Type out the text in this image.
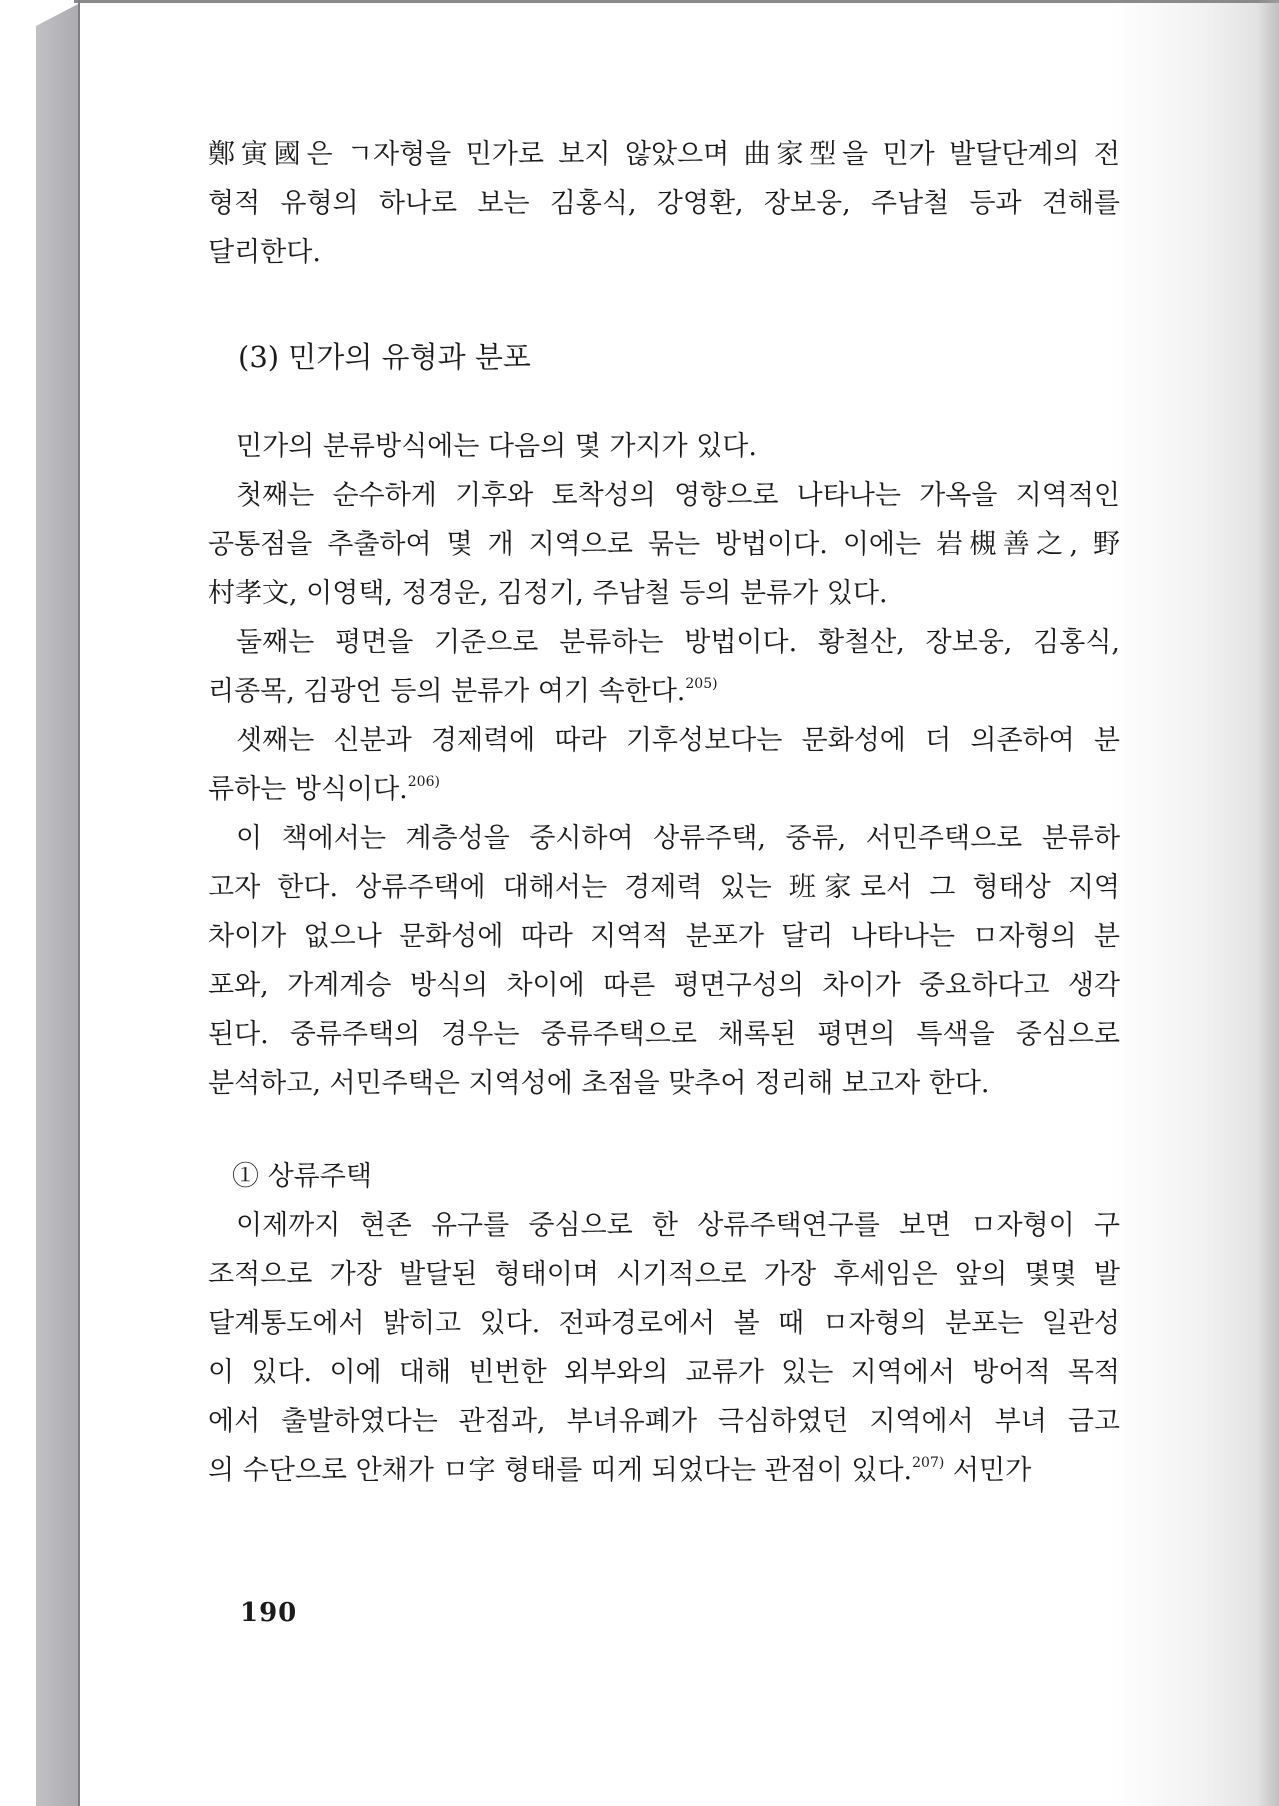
鄭寅國은 ㄱ자형을 민가로 보지 않았으며 曲家型을 민가 발달단계의 전
형적 유형의 하나로 보는 김홍식, 강영환, 장보웅, 주남철 등과 견해를
달리한다.
(3) 민가의 유형과 분포
민가의 분류방식에는 다음의 몇 가지가 있다.
첫째는 순수하게 기후와 토착성의 영향으로 나타나는 가옥을 지역적인
공통점을 추출하여 몇 개 지역으로 묶는 방법이다. 이에는 岩槻善之, 野
村孝文, 이영택, 정경운, 김정기, 주남철 등의 분류가 있다.
둘째는 평면을 기준으로 분류하는 방법이다. 황철산, 장보웅, 김홍식,
리종목, 김광언 등의 분류가 여기 속한다.$^{205)}$
셋째는 신분과 경제력에 따라 기후성보다는 문화성에 더 의존하여 분
류하는 방식이다.$^{206)}$
이 책에서는 계층성을 중시하여 상류주택, 중류, 서민주택으로 분류하
고자 한다. 상류주택에 대해서는 경제력 있는 班家로서 그 형태상 지역
차이가 없으나 문화성에 따라 지역적 분포가 달리 나타나는 ㅁ자형의 분
포와, 가계계승 방식의 차이에 따른 평면구성의 차이가 중요하다고 생각
된다. 중류주택의 경우는 중류주택으로 채록된 평면의 특색을 중심으로
분석하고, 서민주택은 지역성에 초점을 맞추어 정리해 보고자 한다.
① 상류주택
이제까지 현존 유구를 중심으로 한 상류주택연구를 보면 ㅁ자형이 구
조적으로 가장 발달된 형태이며 시기적으로 가장 후세임은 앞의 몇몇 발
달계통도에서 밝히고 있다. 전파경로에서 볼 때 ㅁ자형의 분포는 일관성
이 있다. 이에 대해 빈번한 외부와의 교류가 있는 지역에서 방어적 목적
에서 출발하였다는 관점과, 부녀유폐가 극심하였던 지역에서 부녀 금고
의 수단으로 안채가 ㅁ字 형태를 띠게 되었다는 관점이 있다.$^{207)}$ 서민가
190
